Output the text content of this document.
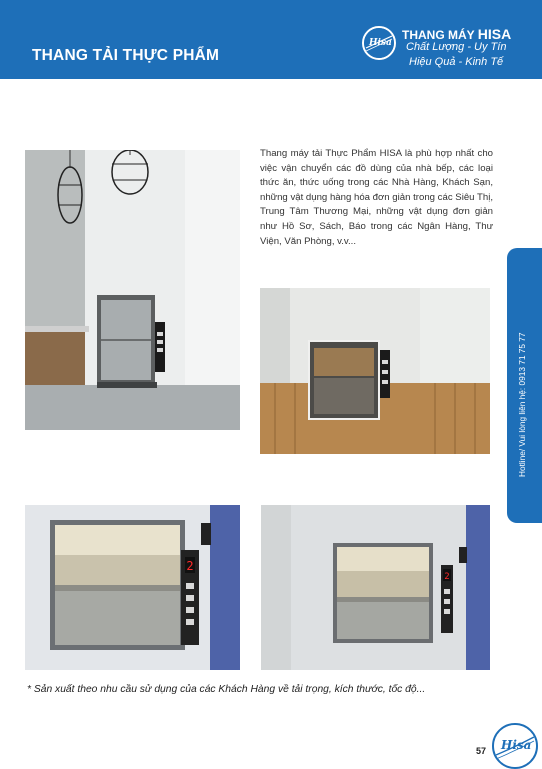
THANG TẢI THỰC PHẨM
Hisa
THANG MÁY HISA
Chất Lượng - Uy Tín
Hiệu Quả - Kinh Tế
Thang máy tải Thực Phẩm HISA là phù hợp nhất cho việc vận chuyển các đồ dùng của nhà bếp, các loại thức ăn, thức uống trong các Nhà Hàng, Khách Sạn, những vật dụng hàng hóa đơn giản trong các Siêu Thị, Trung Tâm Thương Mại, những vật dụng đơn giản như Hồ Sơ, Sách, Báo trong các Ngân Hàng, Thư Viện, Văn Phòng, v.v...
Hotline/ Vui lòng liên hệ: 0913 71 75 77
2
2
* Sản xuất theo nhu cầu sử dụng của các Khách Hàng về tải trọng, kích thước, tốc độ...
57 Hisa
